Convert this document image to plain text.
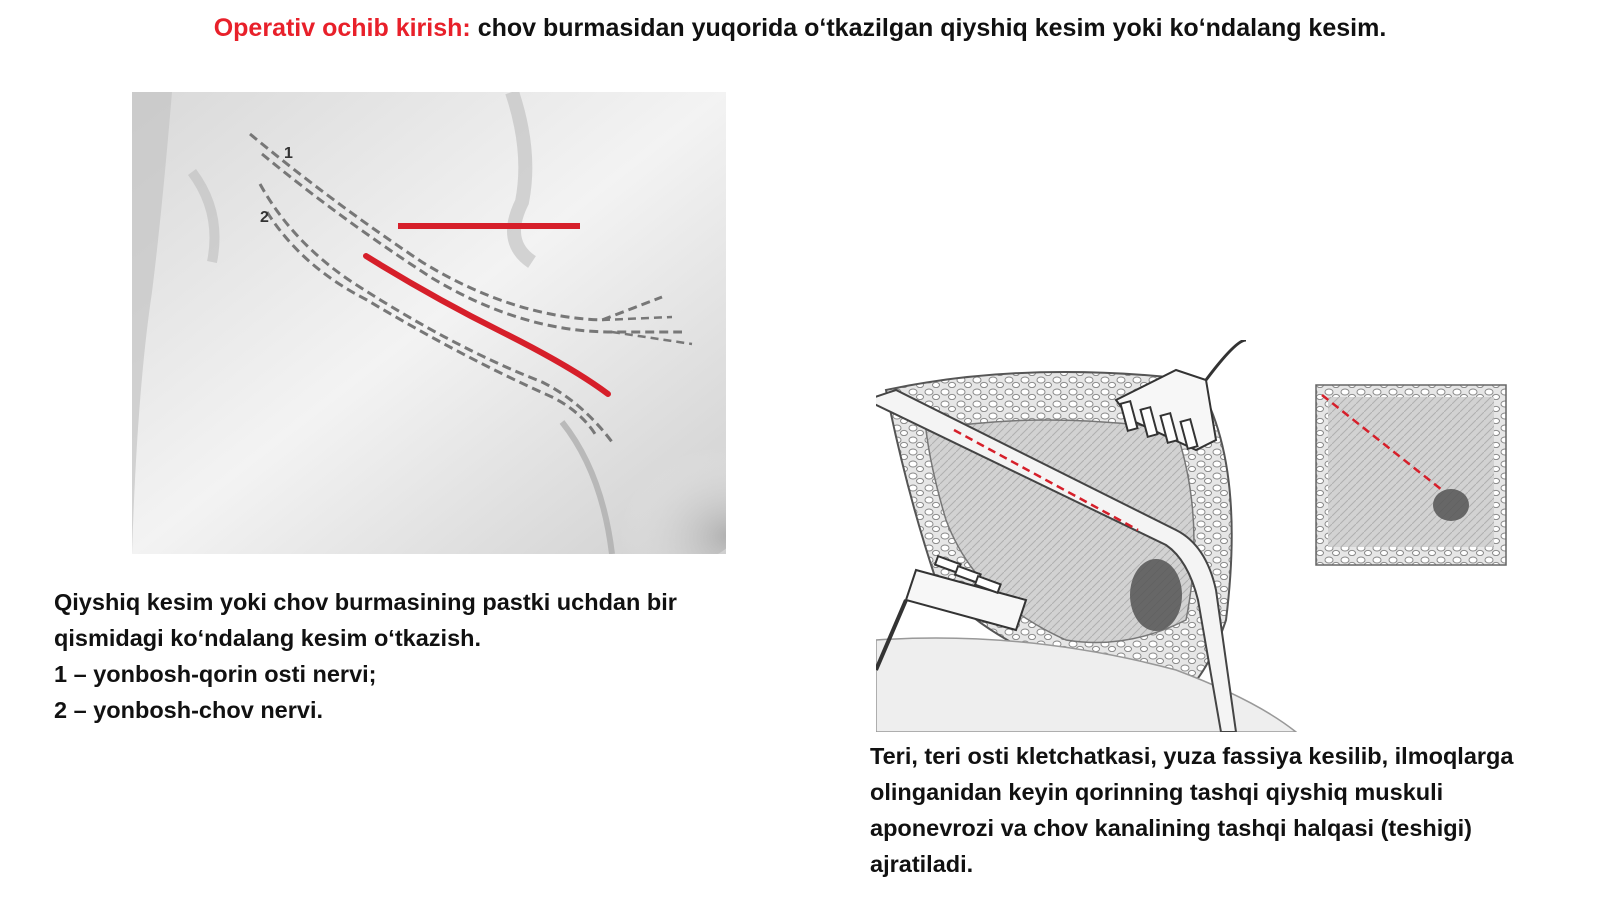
Operativ ochib kirish: chov burmasidan yuqorida o‘tkazilgan qiyshiq kesim yoki ko‘ndalang kesim.
1
2
Qiyshiq kesim yoki chov burmasining pastki uchdan bir
qismidagi ko‘ndalang kesim o‘tkazish.
1 – yonbosh-qorin osti nervi;
2 – yonbosh-chov nervi.
Teri, teri osti kletchatkasi, yuza fassiya kesilib, ilmoqlarga
olinganidan keyin qorinning tashqi qiyshiq muskuli
aponevrozi va chov kanalining tashqi halqasi (teshigi)
ajratiladi.
